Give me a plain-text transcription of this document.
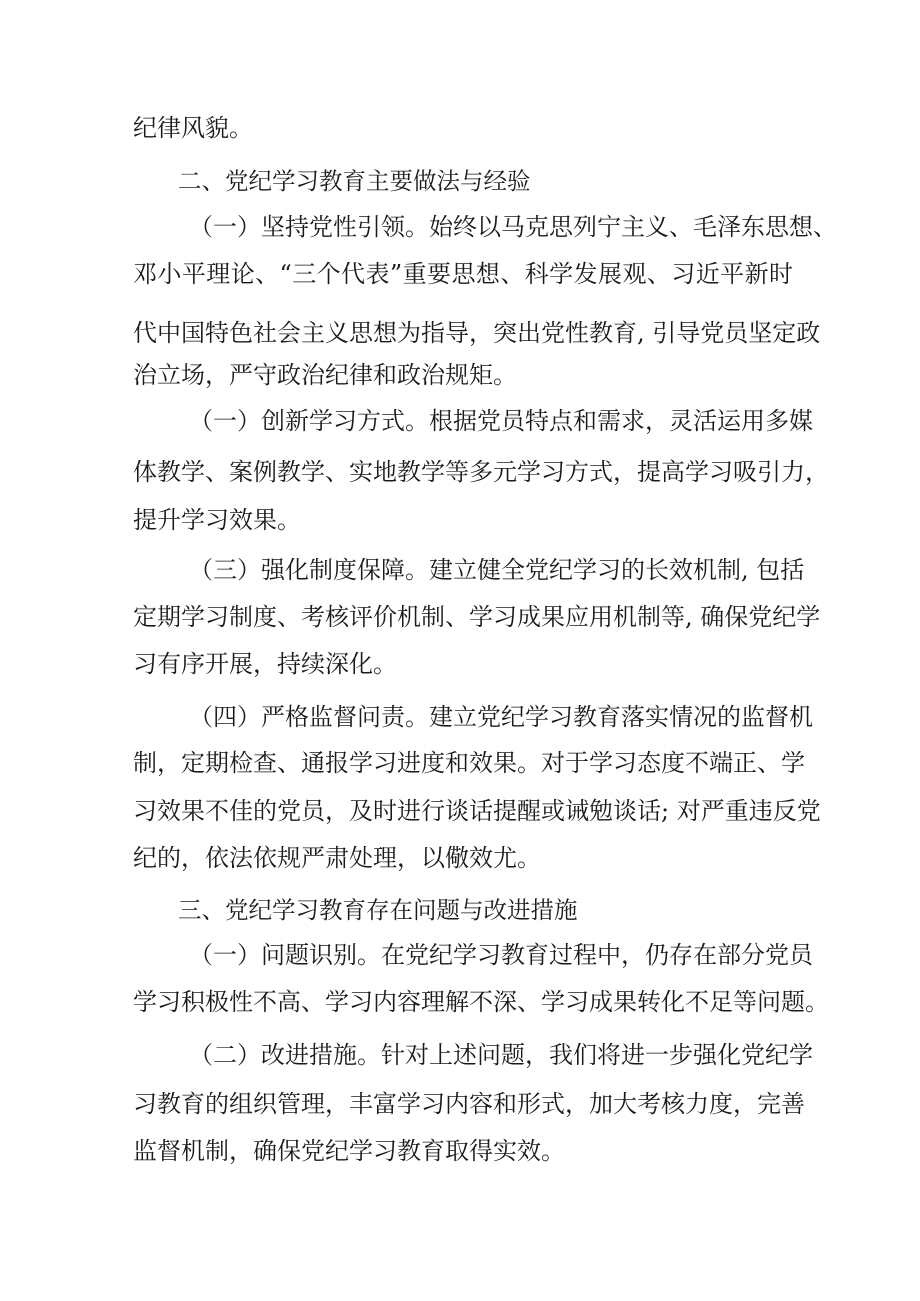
纪律风貌。
二、党纪学习教育主要做法与经验
（一）坚持党性引领。始终以马克思列宁主义、毛泽东思想、
邓小平理论、“三个代表”重要思想、科学发展观、习近平新时
代中国特色社会主义思想为指导，突出党性教育, 引导党员坚定政
治立场，严守政治纪律和政治规矩。
（一）创新学习方式。根据党员特点和需求，灵活运用多媒
体教学、案例教学、实地教学等多元学习方式，提高学习吸引力，
提升学习效果。
（三）强化制度保障。建立健全党纪学习的长效机制, 包括
定期学习制度、考核评价机制、学习成果应用机制等, 确保党纪学
习有序开展，持续深化。
（四）严格监督问责。建立党纪学习教育落实情况的监督机
制，定期检查、通报学习进度和效果。对于学习态度不端正、学
习效果不佳的党员，及时进行谈话提醒或诫勉谈话; 对严重违反党
纪的，依法依规严肃处理，以儆效尤。
三、党纪学习教育存在问题与改进措施
（一）问题识别。在党纪学习教育过程中，仍存在部分党员
学习积极性不高、学习内容理解不深、学习成果转化不足等问题。
（二）改进措施。针对上述问题，我们将进一步强化党纪学
习教育的组织管理，丰富学习内容和形式，加大考核力度，完善
监督机制，确保党纪学习教育取得实效。
